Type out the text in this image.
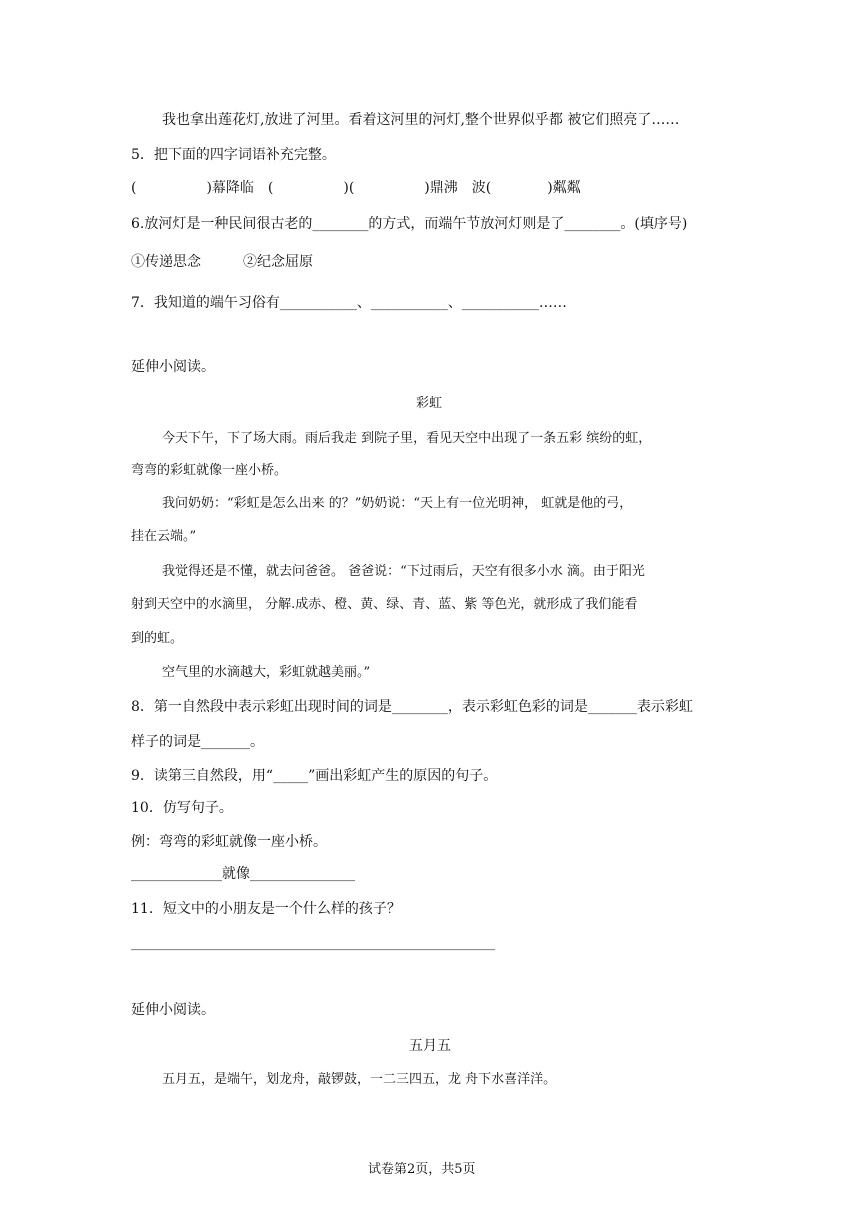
我也拿出莲花灯,放进了河里。看着这河里的河灯,整个世界似乎都 被它们照亮了……
5．把下面的四字词语补充完整。
(　　　　　)幕降临　(　　　　　)(　　　　　)鼎沸　波(　　　　)粼粼
6.放河灯是一种民间很古老的________的方式，而端午节放河灯则是了________。(填序号)
①传递思念　　　②纪念屈原
7．我知道的端午习俗有___________、___________、___________……
延伸小阅读。
彩虹
今天下午，下了场大雨。雨后我走 到院子里，看见天空中出现了一条五彩 缤纷的虹，
弯弯的彩虹就像一座小桥。
我问奶奶：“彩虹是怎么出来 的？”奶奶说：“天上有一位光明神， 虹就是他的弓，
挂在云端。”
我觉得还是不懂，就去问爸爸。 爸爸说：“下过雨后，天空有很多小水 滴。由于阳光
射到天空中的水滴里， 分解.成赤、橙、黄、绿、青、蓝、紫 等色光，就形成了我们能看
到的虹。
空气里的水滴越大，彩虹就越美丽。”
8．第一自然段中表示彩虹出现时间的词是________，表示彩虹色彩的词是_______表示彩虹
样子的词是_______。
9．读第三自然段，用“_____”画出彩虹产生的原因的句子。
10．仿写句子。
例：弯弯的彩虹就像一座小桥。
_____________就像_______________
11．短文中的小朋友是一个什么样的孩子？
____________________________________________________
延伸小阅读。
五月五
五月五，是端午，划龙舟，敲锣鼓，一二三四五，龙 舟下水喜洋洋。
试卷第2页，共5页
